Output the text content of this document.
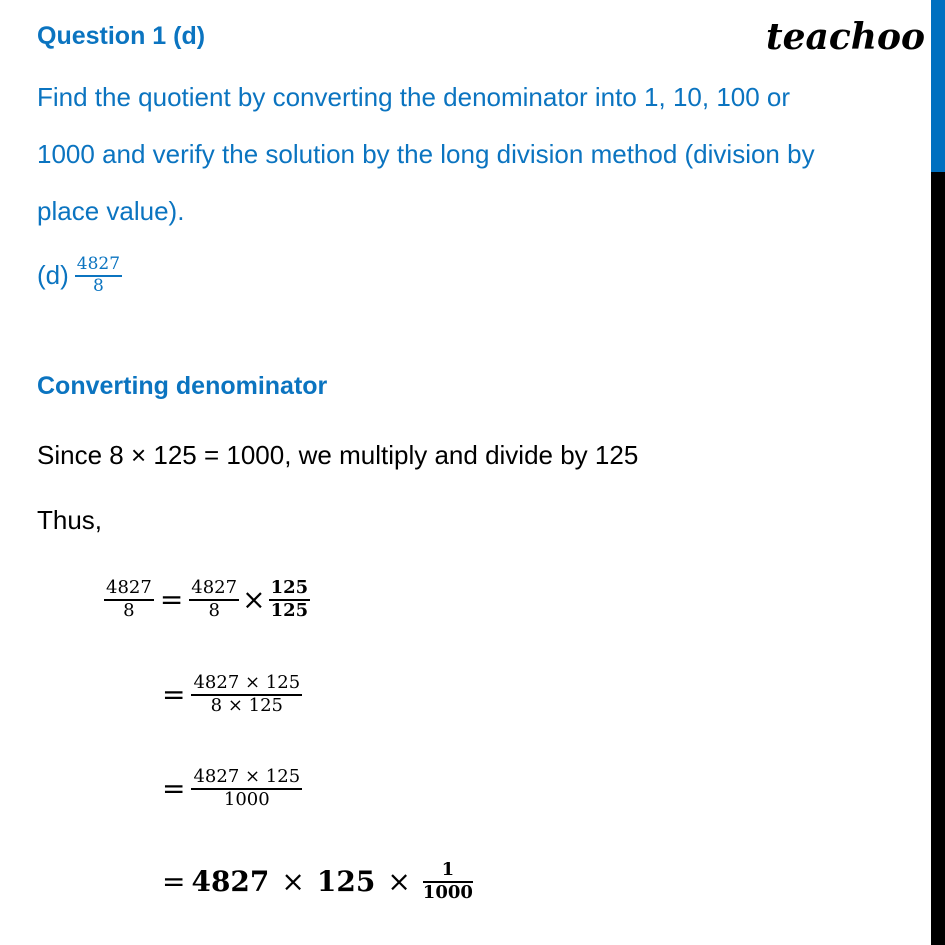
teachoo
Question 1 (d)
Find the quotient by converting the denominator into 1, 10, 100 or
1000 and verify the solution by the long division method (division by
place value).
$(d) \frac{4827}{8}$
Converting denominator
Since 8 × 125 = 1000, we multiply and divide by 125
Thus,
$\frac{4827}{8} = \frac{4827}{8} \times \frac{125}{125}$
= $\frac{4827 \times 125}{8 \times 125}$
= $\frac{4827 \times 125}{1000}$
= $4827 \times 125 \times \frac{1}{1000}$
